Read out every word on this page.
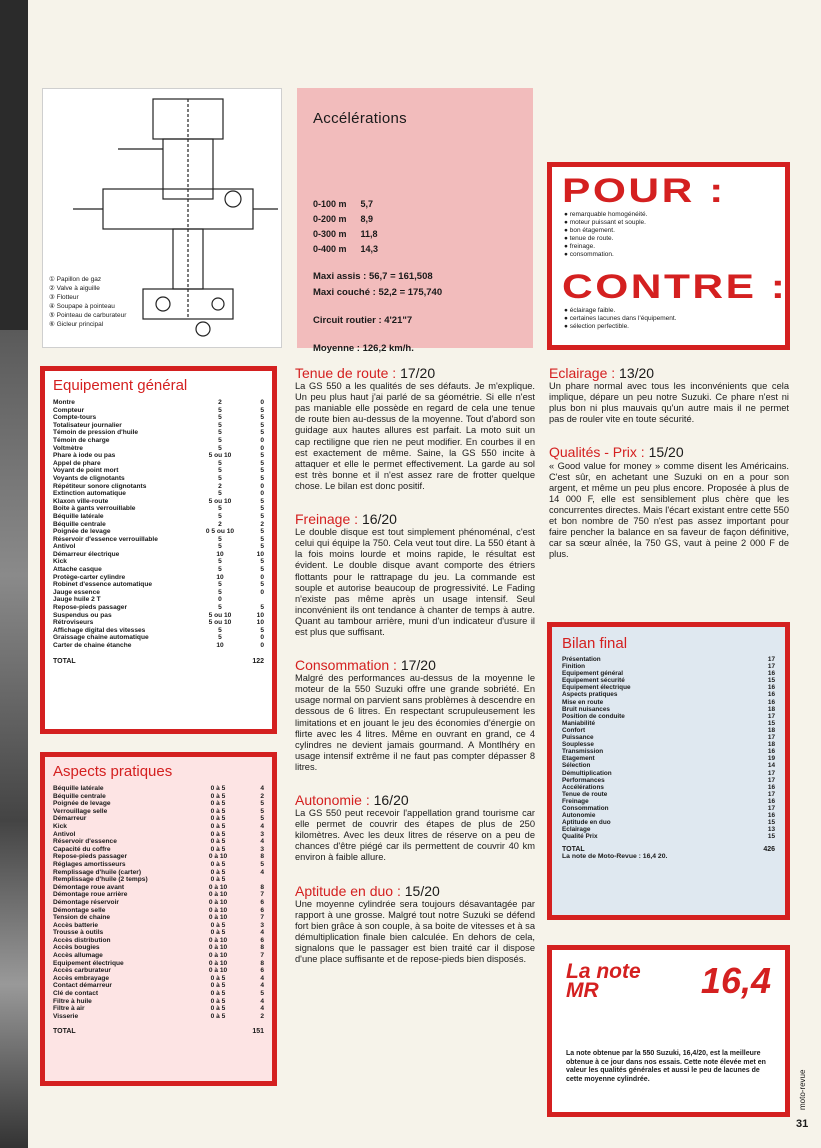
① Papillon de gaz
② Valve à aiguille
③ Flotteur
④ Soupape à pointeau
⑤ Pointeau de carburateur
⑥ Gicleur principal
Accélérations
0-100 m 5,7
0-200 m 8,9
0-300 m 11,8
0-400 m 14,3
Maxi assis : 56,7 = 161,508
Maxi couché : 52,2 = 175,740
Circuit routier : 4'21"7
Moyenne : 126,2 km/h.
POUR :
● remarquable homogénéité.
● moteur puissant et souple.
● bon étagement.
● tenue de route.
● freinage.
● consommation.
CONTRE :
● éclairage faible.
● certaines lacunes dans l'équipement.
● sélection perfectible.
Equipement général
Montre	2	0
Compteur	5	5
Compte-tours	5	5
Totalisateur journalier	5	5
Témoin de pression d'huile	5	5
Témoin de charge	5	0
Voltmètre	5	0
Phare à iode ou pas	5 ou 10	5
Appel de phare	5	5
Voyant de point mort	5	5
Voyants de clignotants	5	5
Répétiteur sonore clignotants	2	0
Extinction automatique	5	0
Klaxon ville-route	5 ou 10	5
Boite à gants verrouillable	5	5
Béquille latérale	5	5
Béquille centrale	2	2
Poignée de levage	0 5 ou 10	5
Réservoir d'essence verrouillable	5	5
Antivol	5	5
Démarreur électrique	10	10
Kick	5	5
Attache casque	5	5
Protège-carter cylindre	10	0
Robinet d'essence automatique	5	5
Jauge essence	5	0
Jauge huile 2 T	0
Repose-pieds passager	5	5
Suspendus ou pas	5 ou 10	10
Rétroviseurs	5 ou 10	10
Affichage digital des vitesses	5	5
Graissage chaine automatique	5	0
Carter de chaine étanche	10	0
TOTAL	122
Aspects pratiques
Béquille latérale	0 à 5	4
Béquille centrale	0 à 5	2
Poignée de levage	0 à 5	5
Verrouillage selle	0 à 5	5
Démarreur	0 à 5	5
Kick	0 à 5	4
Antivol	0 à 5	3
Réservoir d'essence	0 à 5	4
Capacité du coffre	0 à 5	3
Repose-pieds passager	0 à 10	8
Réglages amortisseurs	0 à 5	5
Remplissage d'huile (carter)	0 à 5	4
Remplissage d'huile (2 temps)	0 à 5
Démontage roue avant	0 à 10	8
Démontage roue arrière	0 à 10	7
Démontage réservoir	0 à 10	6
Démontage selle	0 à 10	6
Tension de chaine	0 à 10	7
Accès batterie	0 à 5	3
Trousse à outils	0 à 5	4
Accès distribution	0 à 10	6
Accès bougies	0 à 10	8
Accès allumage	0 à 10	7
Equipement électrique	0 à 10	8
Accès carburateur	0 à 10	6
Accès embrayage	0 à 5	4
Contact démarreur	0 à 5	4
Clé de contact	0 à 5	5
Filtre à huile	0 à 5	4
Filtre à air	0 à 5	4
Visserie	0 à 5	2
TOTAL	151
Tenue de route : 17/20

La GS 550 a les qualités de ses défauts. Je m'explique. Un peu plus haut j'ai parlé de sa géométrie. Si elle n'est pas maniable elle possède en regard de cela une tenue de route bien au-dessus de la moyenne. Tout d'abord son guidage aux hautes allures est parfait. La moto suit un cap rectiligne que rien ne peut modifier. En courbes il en est exactement de même. Saine, la GS 550 incite à attaquer et elle le permet effectivement. La garde au sol est très bonne et il n'est assez rare de frotter quelque chose. Le bilan est donc positif.

Freinage : 16/20

Le double disque est tout simplement phénoménal, c'est celui qui équipe la 750. Cela veut tout dire. La 550 étant à la fois moins lourde et moins rapide, le résultat est évident. Le double disque avant comporte des étriers flottants pour le rattrapage du jeu. La commande est souple et autorise beaucoup de progressivité. Le Fading n'existe pas même après un usage intensif. Seul inconvénient ils ont tendance à chanter de temps à autre. Quant au tambour arrière, muni d'un indicateur d'usure il est plus que suffisant.

Consommation : 17/20

Malgré des performances au-dessus de la moyenne le moteur de la 550 Suzuki offre une grande sobriété. En usage normal on parvient sans problèmes à descendre en dessous de 6 litres. En respectant scrupuleusement les limitations et en jouant le jeu des économies d'énergie on flirte avec les 4 litres. Même en ouvrant en grand, ce 4 cylindres ne devient jamais gourmand. A Montlhéry en usage intensif extrême il ne faut pas compter dépasser 8 litres.

Autonomie : 16/20

La GS 550 peut recevoir l'appellation grand tourisme car elle permet de couvrir des étapes de plus de 250 kilomètres. Avec les deux litres de réserve on a peu de chances d'être piégé car ils permettent de couvrir 40 km environ à faible allure.

Aptitude en duo : 15/20

Une moyenne cylindrée sera toujours désavantagée par rapport à une grosse. Malgré tout notre Suzuki se défend fort bien grâce à son couple, à sa boite de vitesses et à sa démultiplication finale bien calculée. En dehors de cela, signalons que le passager est bien traité car il dispose d'une place suffisante et de repose-pieds bien disposés.

Eclairage : 13/20

Un phare normal avec tous les inconvénients que cela implique, dépare un peu notre Suzuki. Ce phare n'est ni plus bon ni plus mauvais qu'un autre mais il ne permet pas de rouler vite en toute sécurité.

Qualités - Prix : 15/20

« Good value for money » comme disent les Américains. C'est sûr, en achetant une Suzuki on en a pour son argent, et même un peu plus encore. Proposée à plus de 14 000 F, elle est sensiblement plus chère que les concurrentes directes. Mais l'écart existant entre cette 550 et bon nombre de 750 n'est pas assez important pour faire pencher la balance en sa faveur de façon définitive, car sa sœur aînée, la 750 GS, vaut à peine 2 000 F de plus.

Bilan final
Présentation	17
Finition	17
Equipement général	16
Equipement sécurité	15
Equipement électrique	16
Aspects pratiques	16
Mise en route	16
Bruit nuisances	18
Position de conduite	17
Maniabilité	15
Confort	18
Puissance	17
Souplesse	18
Transmission	16
Etagement	19
Sélection	14
Démultiplication	17
Performances	17
Accélérations	16
Tenue de route	17
Freinage	16
Consommation	17
Autonomie	16
Aptitude en duo	15
Eclairage	13
Qualité Prix	15
TOTAL	426
La note de Moto-Revue : 16,4 20.
La note MR	16,4
La note obtenue par la 550 Suzuki, 16,4/20, est la meilleure obtenue à ce jour dans nos essais. Cette note élevée met en valeur les qualités générales et aussi le peu de lacunes de cette moyenne cylindrée.	moto-revue
31
